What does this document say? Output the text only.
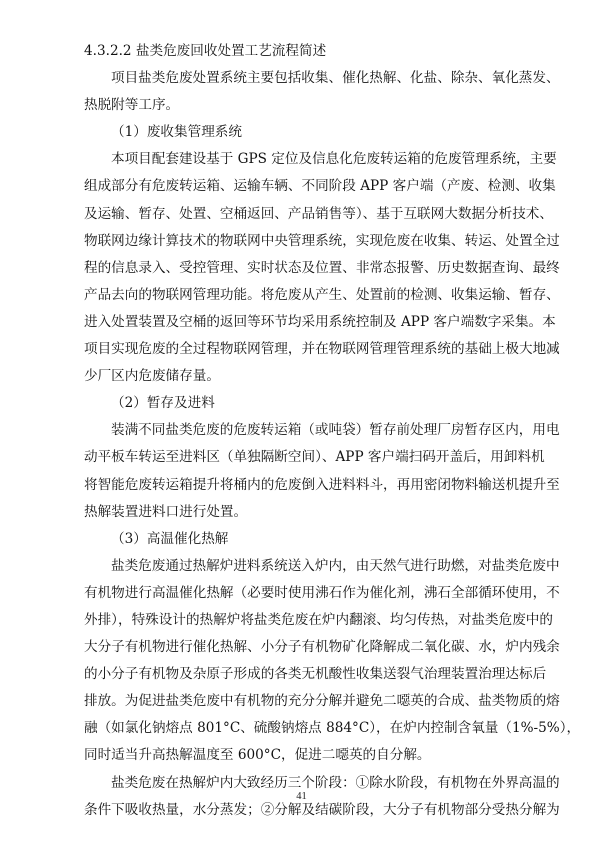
4.3.2.2 盐类危废回收处置工艺流程简述
项目盐类危废处置系统主要包括收集、催化热解、化盐、除杂、氧化蒸发、
热脱附等工序。
（1）废收集管理系统
本项目配套建设基于 GPS 定位及信息化危废转运箱的危废管理系统，主要
组成部分有危废转运箱、运输车辆、不同阶段 APP 客户端（产废、检测、收集
及运输、暂存、处置、空桶返回、产品销售等）、基于互联网大数据分析技术、
物联网边缘计算技术的物联网中央管理系统，实现危废在收集、转运、处置全过
程的信息录入、受控管理、实时状态及位置、非常态报警、历史数据查询、最终
产品去向的物联网管理功能。将危废从产生、处置前的检测、收集运输、暂存、
进入处置装置及空桶的返回等环节均采用系统控制及 APP 客户端数字采集。本
项目实现危废的全过程物联网管理，并在物联网管理管理系统的基础上极大地减
少厂区内危废储存量。
（2）暂存及进料
装满不同盐类危废的危废转运箱（或吨袋）暂存前处理厂房暂存区内，用电
动平板车转运至进料区（单独隔断空间）、APP 客户端扫码开盖后，用卸料机
将智能危废转运箱提升将桶内的危废倒入进料料斗，再用密闭物料输送机提升至
热解装置进料口进行处置。
（3）高温催化热解
盐类危废通过热解炉进料系统送入炉内，由天然气进行助燃，对盐类危废中
有机物进行高温催化热解（必要时使用沸石作为催化剂，沸石全部循环使用，不
外排），特殊设计的热解炉将盐类危废在炉内翻滚、均匀传热，对盐类危废中的
大分子有机物进行催化热解、小分子有机物矿化降解成二氧化碳、水，炉内残余
的小分子有机物及杂原子形成的各类无机酸性收集送裂气治理装置治理达标后
排放。为促进盐类危废中有机物的充分分解并避免二噁英的合成、盐类物质的熔
融（如氯化钠熔点 801°C、硫酸钠熔点 884°C），在炉内控制含氧量（1%-5%），
同时适当升高热解温度至 600°C，促进二噁英的自分解。
盐类危废在热解炉内大致经历三个阶段：①除水阶段，有机物在外界高温的
条件下吸收热量，水分蒸发；②分解及结碳阶段，大分子有机物部分受热分解为
41
